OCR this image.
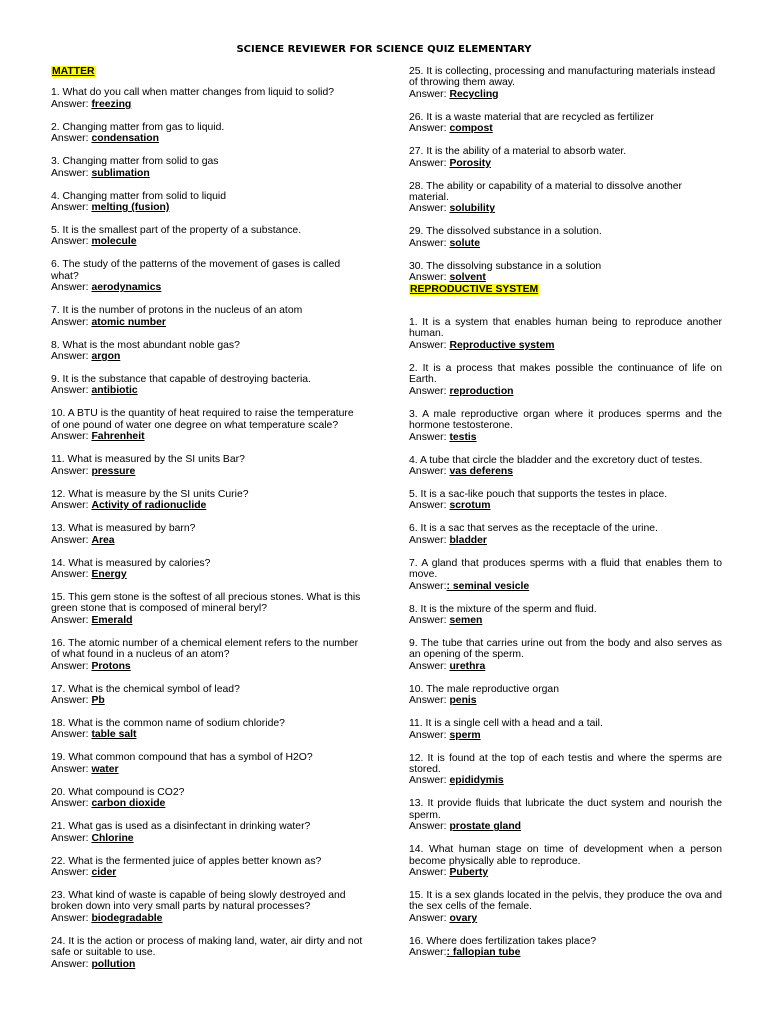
SCIENCE REVIEWER FOR SCIENCE QUIZ ELEMENTARY
MATTER

1. What do you call when matter changes from liquid to solid?

Answer: freezing

2. Changing matter from gas to liquid.

Answer: condensation

3. Changing matter from solid to gas

Answer: sublimation

4. Changing matter from solid to liquid

Answer: melting (fusion)

5. It is the smallest part of the property of a substance.

Answer: molecule

6. The study of the patterns of the movement of gases is called what?

Answer: aerodynamics

7. It is the number of protons in the nucleus of an atom

Answer: atomic number

8. What is the most abundant noble gas?

Answer: argon

9. It is the substance that capable of destroying bacteria.

Answer: antibiotic

10. A BTU is the quantity of heat required to raise the temperature of one pound of water one degree on what temperature scale?

Answer: Fahrenheit

11. What is measured by the SI units Bar?

Answer: pressure

12. What is measure by the SI units Curie?

Answer: Activity of radionuclide

13. What is measured by barn?

Answer: Area

14. What is measured by calories?

Answer: Energy

15. This gem stone is the softest of all precious stones. What is this green stone that is composed of mineral beryl?

Answer: Emerald

16. The atomic number of a chemical element refers to the number of what found in a nucleus of an atom?

Answer: Protons

17. What is the chemical symbol of lead?

Answer: Pb

18. What is the common name of sodium chloride?

Answer: table salt

19. What common compound that has a symbol of H2O?

Answer: water

20. What compound is CO2?

Answer: carbon dioxide

21. What gas is used as a disinfectant in drinking water?

Answer: Chlorine

22. What is the fermented juice of apples better known as?

Answer: cider

23. What kind of waste is capable of being slowly destroyed and broken down into very small parts by natural processes?

Answer: biodegradable

24. It is the action or process of making land, water, air dirty and not safe or suitable to use.

Answer: pollution

25. It is collecting, processing and manufacturing materials instead of throwing them away.

Answer: Recycling

26. It is a waste material that are recycled as fertilizer

Answer: compost

27. It is the ability of a material to absorb water.

Answer: Porosity

28. The ability or capability of a material to dissolve another material.

Answer: solubility

29. The dissolved substance in a solution.

Answer: solute

30. The dissolving substance in a solution

Answer: solvent

REPRODUCTIVE SYSTEM

1. It is a system that enables human being to reproduce another human.

Answer: Reproductive system

2. It is a process that makes possible the continuance of life on Earth.

Answer: reproduction

3. A male reproductive organ where it produces sperms and the hormone testosterone.

Answer: testis

4. A tube that circle the bladder and the excretory duct of testes.

Answer: vas deferens

5. It is a sac-like pouch that supports the testes in place.

Answer: scrotum

6. It is a sac that serves as the receptacle of the urine.

Answer: bladder

7. A gland that produces sperms with a fluid that enables them to move.

Answer:: seminal vesicle

8. It is the mixture of the sperm and fluid.

Answer: semen

9. The tube that carries urine out from the body and also serves as an opening of the sperm.

Answer: urethra

10. The male reproductive organ

Answer: penis

11. It is a single cell with a head and a tail.

Answer: sperm

12. It is found at the top of each testis and where the sperms are stored.

Answer: epididymis

13. It provide fluids that lubricate the duct system and nourish the sperm.

Answer: prostate gland

14. What human stage on time of development when a person become physically able to reproduce.

Answer: Puberty

15. It is a sex glands located in the pelvis, they produce the ova and the sex cells of the female.

Answer: ovary

16. Where does fertilization takes place?

Answer:: fallopian tube
